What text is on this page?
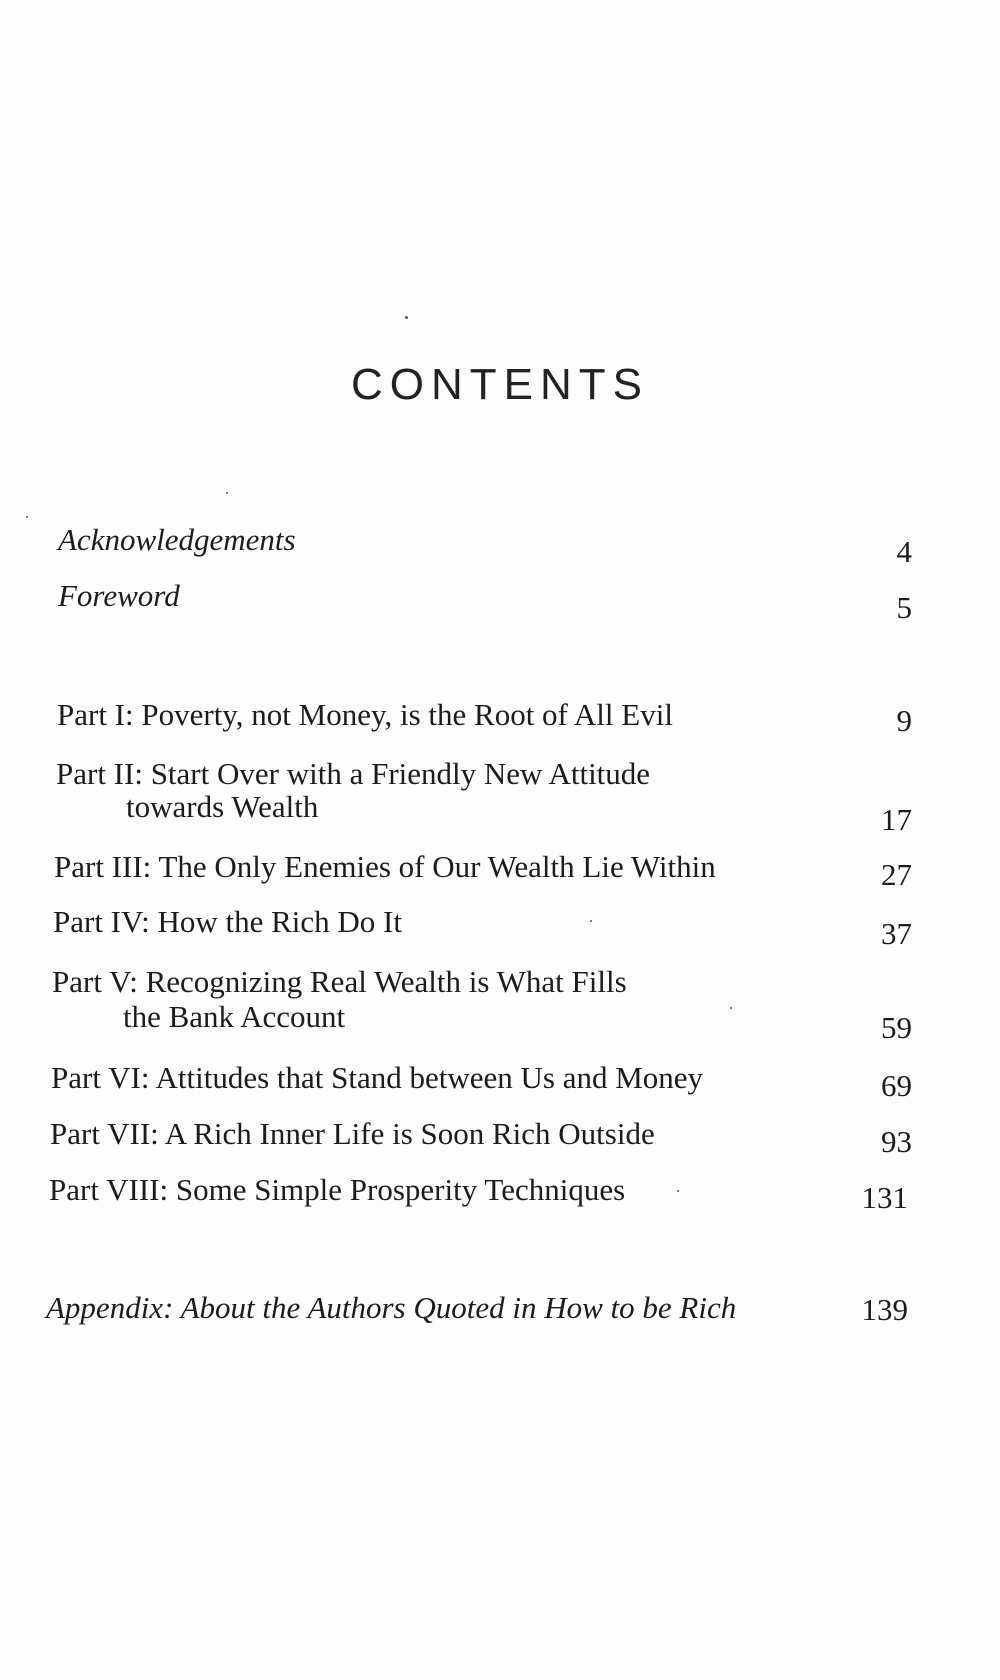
CONTENTS
Acknowledgements	4
Foreword	5
Part I: Poverty, not Money, is the Root of All Evil	9
Part II: Start Over with a Friendly New Attitude
towards Wealth	17
Part III: The Only Enemies of Our Wealth Lie Within	27
Part IV: How the Rich Do It	37
Part V: Recognizing Real Wealth is What Fills
the Bank Account	59
Part VI: Attitudes that Stand between Us and Money	69
Part VII: A Rich Inner Life is Soon Rich Outside	93
Part VIII: Some Simple Prosperity Techniques	131
Appendix: About the Authors Quoted in How to be Rich	139
